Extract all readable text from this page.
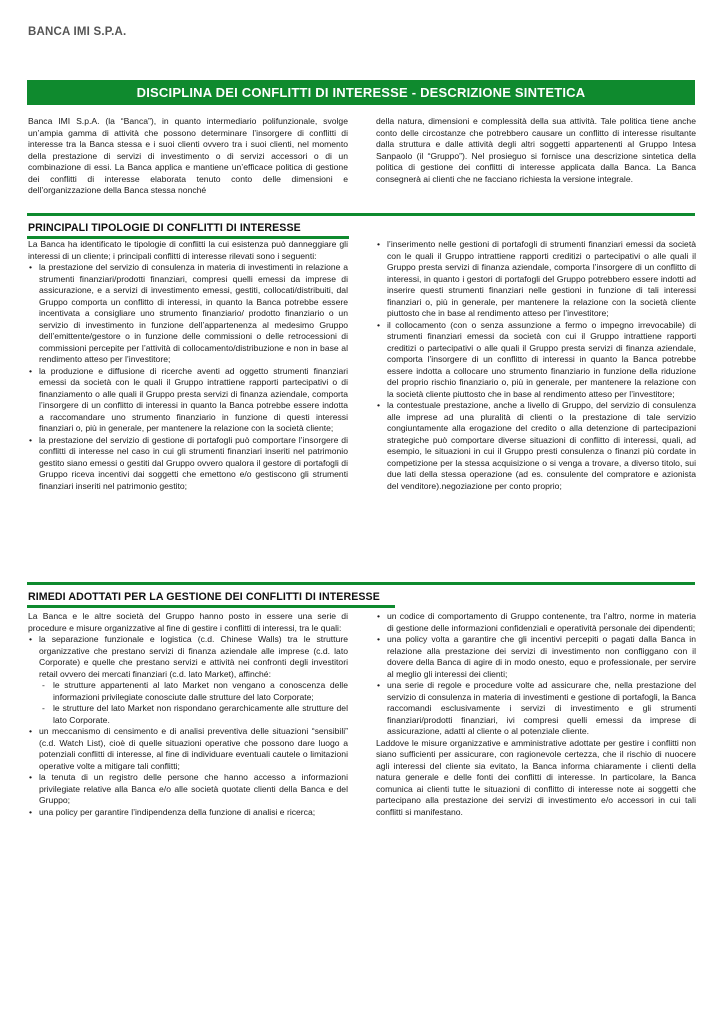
BANCA IMI S.P.A.
DISCIPLINA DEI CONFLITTI DI INTERESSE - DESCRIZIONE SINTETICA

Banca IMI S.p.A. (la “Banca”), in quanto intermediario polifunzionale, svolge un’ampia gamma di attività che possono determinare l’insorgere di conflitti di interesse tra la Banca stessa e i suoi clienti ovvero tra i suoi clienti, nel momento della prestazione di servizi di investimento o di servizi accessori o di un combinazione di essi. La Banca applica e mantiene un’efficace politica di gestione dei conflitti di interesse elaborata tenuto conto delle dimensioni e dell’organizzazione della Banca stessa nonché

della natura, dimensioni e complessità della sua attività. Tale politica tiene anche conto delle circostanze che potrebbero causare un conflitto di interesse risultante dalla struttura e dalle attività degli altri soggetti appartenenti al Gruppo Intesa Sanpaolo (il “Gruppo”). Nel prosieguo si fornisce una descrizione sintetica della politica di gestione dei conflitti di interesse applicata dalla Banca. La Banca consegnerà ai clienti che ne facciano richiesta la versione integrale.

PRINCIPALI TIPOLOGIE DI CONFLITTI DI INTERESSE

La Banca ha identificato le tipologie di conflitti la cui esistenza può danneggiare gli interessi di un cliente; i principali conflitti di interesse rilevati sono i seguenti:

• la prestazione del servizio di consulenza in materia di investimenti in relazione a strumenti finanziari/prodotti finanziari, compresi quelli emessi da imprese di assicurazione, e a servizi di investimento emessi, gestiti, collocati/distribuiti, dal Gruppo comporta un conflitto di interessi, in quanto la Banca potrebbe essere incentivata a consigliare uno strumento finanziario/ prodotto finanziario o un servizio di investimento in funzione dell’appartenenza al medesimo Gruppo dell’emittente/gestore o in funzione delle commissioni o delle retrocessioni di commissioni percepite per l’attività di collocamento/distribuzione e non in base al rendimento atteso per l’investitore;
• la produzione e diffusione di ricerche aventi ad oggetto strumenti finanziari emessi da società con le quali il Gruppo intrattiene rapporti partecipativi o di finanziamento o alle quali il Gruppo presta servizi di finanza aziendale, comporta l’insorgere di un conflitto di interessi in quanto la Banca potrebbe essere indotta a raccomandare uno strumento finanziario in funzione di questi interessi finanziari o, più in generale, per mantenere la relazione con la società cliente;
• la prestazione del servizio di gestione di portafogli può comportare l’insorgere di conflitti di interesse nel caso in cui gli strumenti finanziari inseriti nel patrimonio gestito siano emessi o gestiti dal Gruppo ovvero qualora il gestore di portafogli di Gruppo riceva incentivi dai soggetti che emettono e/o gestiscono gli strumenti finanziari inseriti nel patrimonio gestito;
• l’inserimento nelle gestioni di portafogli di strumenti finanziari emessi da società con le quali il Gruppo intrattiene rapporti creditizi o partecipativi o alle quali il Gruppo presta servizi di finanza aziendale, comporta l’insorgere di un conflitto di interessi, in quanto i gestori di portafogli del Gruppo potrebbero essere indotti ad inserire questi strumenti finanziari nelle gestioni in funzione di tali interessi finanziari o, più in generale, per mantenere la relazione con la società cliente piuttosto che in base al rendimento atteso per l’investitore;
• il collocamento (con o senza assunzione a fermo o impegno irrevocabile) di strumenti finanziari emessi da società con cui il Gruppo intrattiene rapporti creditizi o partecipativi o alle quali il Gruppo presta servizi di finanza aziendale, comporta l’insorgere di un conflitto di interessi in quanto la Banca potrebbe essere indotta a collocare uno strumento finanziario in funzione della riduzione del proprio rischio finanziario o, più in generale, per mantenere la relazione con la società cliente piuttosto che in base al rendimento atteso per l’investitore;
• la contestuale prestazione, anche a livello di Gruppo, del servizio di consulenza alle imprese ad una pluralità di clienti o la prestazione di tale servizio congiuntamente alla erogazione del credito o alla detenzione di partecipazioni strategiche può comportare diverse situazioni di conflitto di interessi, quali, ad esempio, le situazioni in cui il Gruppo presti consulenza o finanzi più cordate in competizione per la stessa acquisizione o si venga a trovare, a diverso titolo, sui due lati della stessa operazione (ad es. consulente del compratore e azionista del venditore).negoziazione per conto proprio;
RIMEDI ADOTTATI PER LA GESTIONE DEI CONFLITTI DI INTERESSE

La Banca e le altre società del Gruppo hanno posto in essere una serie di procedure e misure organizzative al fine di gestire i conflitti di interessi, tra le quali:

• la separazione funzionale e logistica (c.d. Chinese Walls) tra le strutture organizzative che prestano servizi di finanza aziendale alle imprese (c.d. lato Corporate) e quelle che prestano servizi e attività nei confronti degli investitori retail ovvero dei mercati finanziari (c.d. lato Market), affinché:
- le strutture appartenenti al lato Market non vengano a conoscenza delle informazioni privilegiate conosciute dalle strutture del lato Corporate;
- le strutture del lato Market non rispondano gerarchicamente alle strutture del lato Corporate.
• un meccanismo di censimento e di analisi preventiva delle situazioni “sensibili” (c.d. Watch List), cioè di quelle situazioni operative che possono dare luogo a potenziali conflitti di interesse, al fine di individuare eventuali cautele o limitazioni operative volte a mitigare tali conflitti;
• la tenuta di un registro delle persone che hanno accesso a informazioni privilegiate relative alla Banca e/o alle società quotate clienti della Banca e del Gruppo;
• una policy per garantire l’indipendenza della funzione di analisi e ricerca;
• un codice di comportamento di Gruppo contenente, tra l’altro, norme in materia di gestione delle informazioni confidenziali e operatività personale dei dipendenti;
• una policy volta a garantire che gli incentivi percepiti o pagati dalla Banca in relazione alla prestazione dei servizi di investimento non confliggano con il dovere della Banca di agire di in modo onesto, equo e professionale, per servire al meglio gli interessi dei clienti;
• una serie di regole e procedure volte ad assicurare che, nella prestazione del servizio di consulenza in materia di investimenti e gestione di portafogli, la Banca raccomandi esclusivamente i servizi di investimento e gli strumenti finanziari/prodotti finanziari, ivi compresi quelli emessi da imprese di assicurazione, adatti al cliente o al potenziale cliente.

Laddove le misure organizzative e amministrative adottate per gestire i conflitti non siano sufficienti per assicurare, con ragionevole certezza, che il rischio di nuocere agli interessi del cliente sia evitato, la Banca informa chiaramente i clienti della natura generale e delle fonti dei conflitti di interesse. In particolare, la Banca comunica ai clienti tutte le situazioni di conflitto di interesse note ai soggetti che partecipano alla prestazione dei servizi di investimento e/o accessori in cui tali conflitti si manifestano.
